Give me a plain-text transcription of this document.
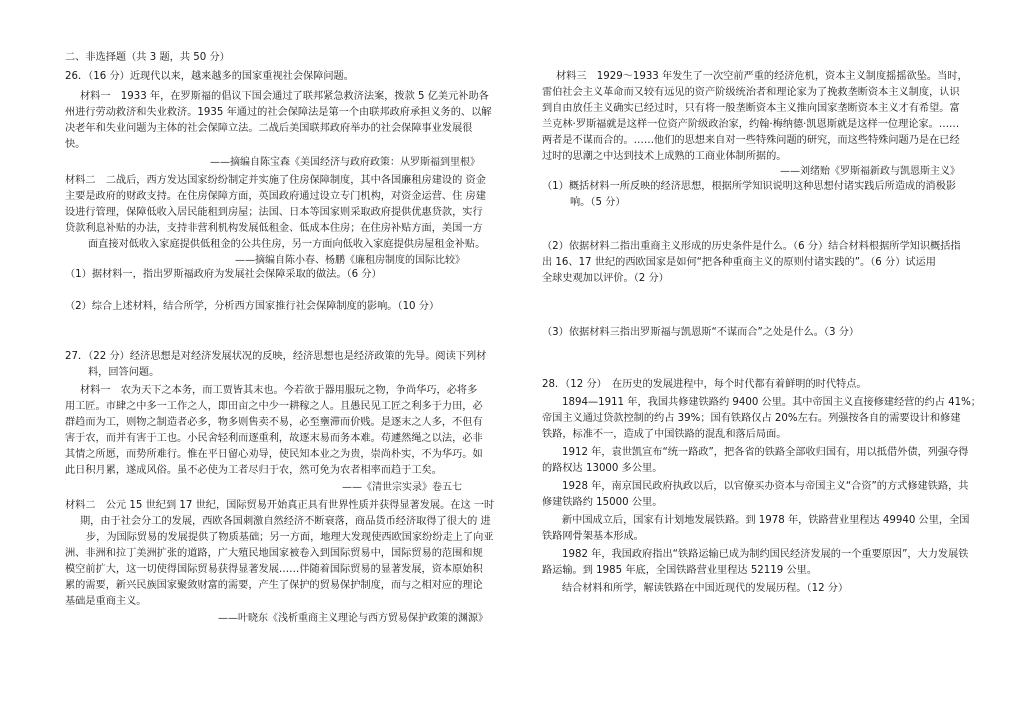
二、非选择题（共 3 题，共 50 分）
26．（16 分）近现代以来，越来越多的国家重视社会保障问题。
材料一　1933 年，在罗斯福的倡议下国会通过了联邦紧急救济法案，拨款 5 亿美元补助各
州进行劳动救济和失业救济。1935 年通过的社会保障法是第一个由联邦政府承担义务的、以解
决老年和失业问题为主体的社会保障立法。二战后美国联邦政府举办的社会保障事业发展很
快。
——摘编自陈宝森《美国经济与政府政策：从罗斯福到里根》
材料二　二战后，西方发达国家纷纷制定并实施了住房保障制度，其中各国廉租房建设的 资金
主要是政府的财政支持。在住房保障方面，英国政府通过设立专门机构，对资金运营、住 房建
设进行管理，保障低收入居民能租到房屋；法国、日本等国家则采取政府提供优惠贷款，实行
贷款利息补贴的办法，支持非营利机构发展低租金、低成本住房；在住房补贴方面，美国一方
面直接对低收入家庭提供低租金的公共住房，另一方面向低收入家庭提供房屋租金补贴。
——摘编自陈小春、杨鹏《廉租房制度的国际比较》
（1）据材料一，指出罗斯福政府为发展社会保障采取的做法。（6 分）
（2）综合上述材料，结合所学，分析西方国家推行社会保障制度的影响。（10 分）
27．（22 分）经济思想是对经济发展状况的反映，经济思想也是经济政策的先导。阅读下列材
料，回答问题。
材料一　农为天下之本务，而工贾皆其末也。今若欲于器用服玩之物，争尚华巧，必将多
用工匠。市肆之中多一工作之人，即田亩之中少一耕稼之人。且愚民见工匠之利多于力田，必
群趋而为工，则物之制造者必多，物多则售卖不易，必至壅滞而价贱。是逐末之人多，不但有
害于农，而并有害于工也。小民舍轻利而逐重利，故逐末易而务本难。苟遽然绳之以法，必非
其情之所愿，而势所难行。惟在平日留心劝导，使民知本业之为贵，崇尚朴实，不为华巧。如
此日积月累，遂成风俗。虽不必使为工者尽归于农，然可免为农者相率而趋于工矣。
——《清世宗实录》卷五七
材料二　公元 15 世纪到 17 世纪，国际贸易开始真正具有世界性质并获得显著发展。在这 一时
期，由于社会分工的发展，西欧各国刺激自然经济不断衰落，商品货币经济取得了很大的 进
步，为国际贸易的发展提供了物质基础；另一方面，地理大发现使西欧国家纷纷走上了向亚
洲、非洲和拉丁美洲扩张的道路，广大殖民地国家被卷入到国际贸易中，国际贸易的范围和规
模空前扩大，这一切使得国际贸易获得显著发展……伴随着国际贸易的显著发展，资本原始积
累的需要，新兴民族国家聚敛财富的需要，产生了保护的贸易保护制度，而与之相对应的理论
基础是重商主义。
——叶晓东《浅析重商主义理论与西方贸易保护政策的渊源》
材料三　1929～1933 年发生了一次空前严重的经济危机，资本主义制度摇摇欲坠。当时，
雷伯社会主义革命而又较有远见的资产阶级统治者和理论家为了挽救垄断资本主义制度，认识
到自由放任主义确实已经过时，只有将一般垄断资本主义推向国家垄断资本主义才有希望。富
兰克林·罗斯福就是这样一位资产阶级政治家，约翰·梅纳德·凯恩斯就是这样一位理论家。……
两者是不谋而合的。……他们的思想来自对一些特殊问题的研究，而这些特殊问题乃是在已经
过时的思潮之中达到技术上成熟的工商业体制所据的。
——刘绪贻《罗斯福新政与凯恩斯主义》
（1）概括材料一所反映的经济思想，根据所学知识说明这种思想付诸实践后所造成的消极影
响。（5 分）
（2）依据材料二指出重商主义形成的历史条件是什么。（6 分）结合材料根据所学知识概括指
出 16、17 世纪的西欧国家是如何“把各种重商主义的原则付诸实践的”。（6 分）试运用
全球史观加以评价。（2 分）
（3）依据材料三指出罗斯福与凯恩斯“不谋而合”之处是什么。（3 分）
28．（12 分）　在历史的发展进程中，每个时代都有着鲜明的时代特点。
1894—1911 年，我国共修建铁路约 9400 公里。其中帝国主义直接修建经营的约占 41%；
帝国主义通过贷款控制的约占 39%；国有铁路仅占 20%左右。列强按各自的需要设计和修建
铁路，标准不一，造成了中国铁路的混乱和落后局面。
1912 年，袁世凯宣布“统一路政”，把各省的铁路全部收归国有，用以抵借外债，列强夺得
的路权达 13000 多公里。
1928 年，南京国民政府执政以后，以官僚买办资本与帝国主义“合资”的方式修建铁路，共
修建铁路约 15000 公里。
新中国成立后，国家有计划地发展铁路。到 1978 年，铁路营业里程达 49940 公里，全国
铁路网骨架基本形成。
1982 年，我国政府指出“铁路运输已成为制约国民经济发展的一个重要原因”，大力发展铁
路运输。到 1985 年底，全国铁路营业里程达 52119 公里。
结合材料和所学，解读铁路在中国近现代的发展历程。（12 分）
